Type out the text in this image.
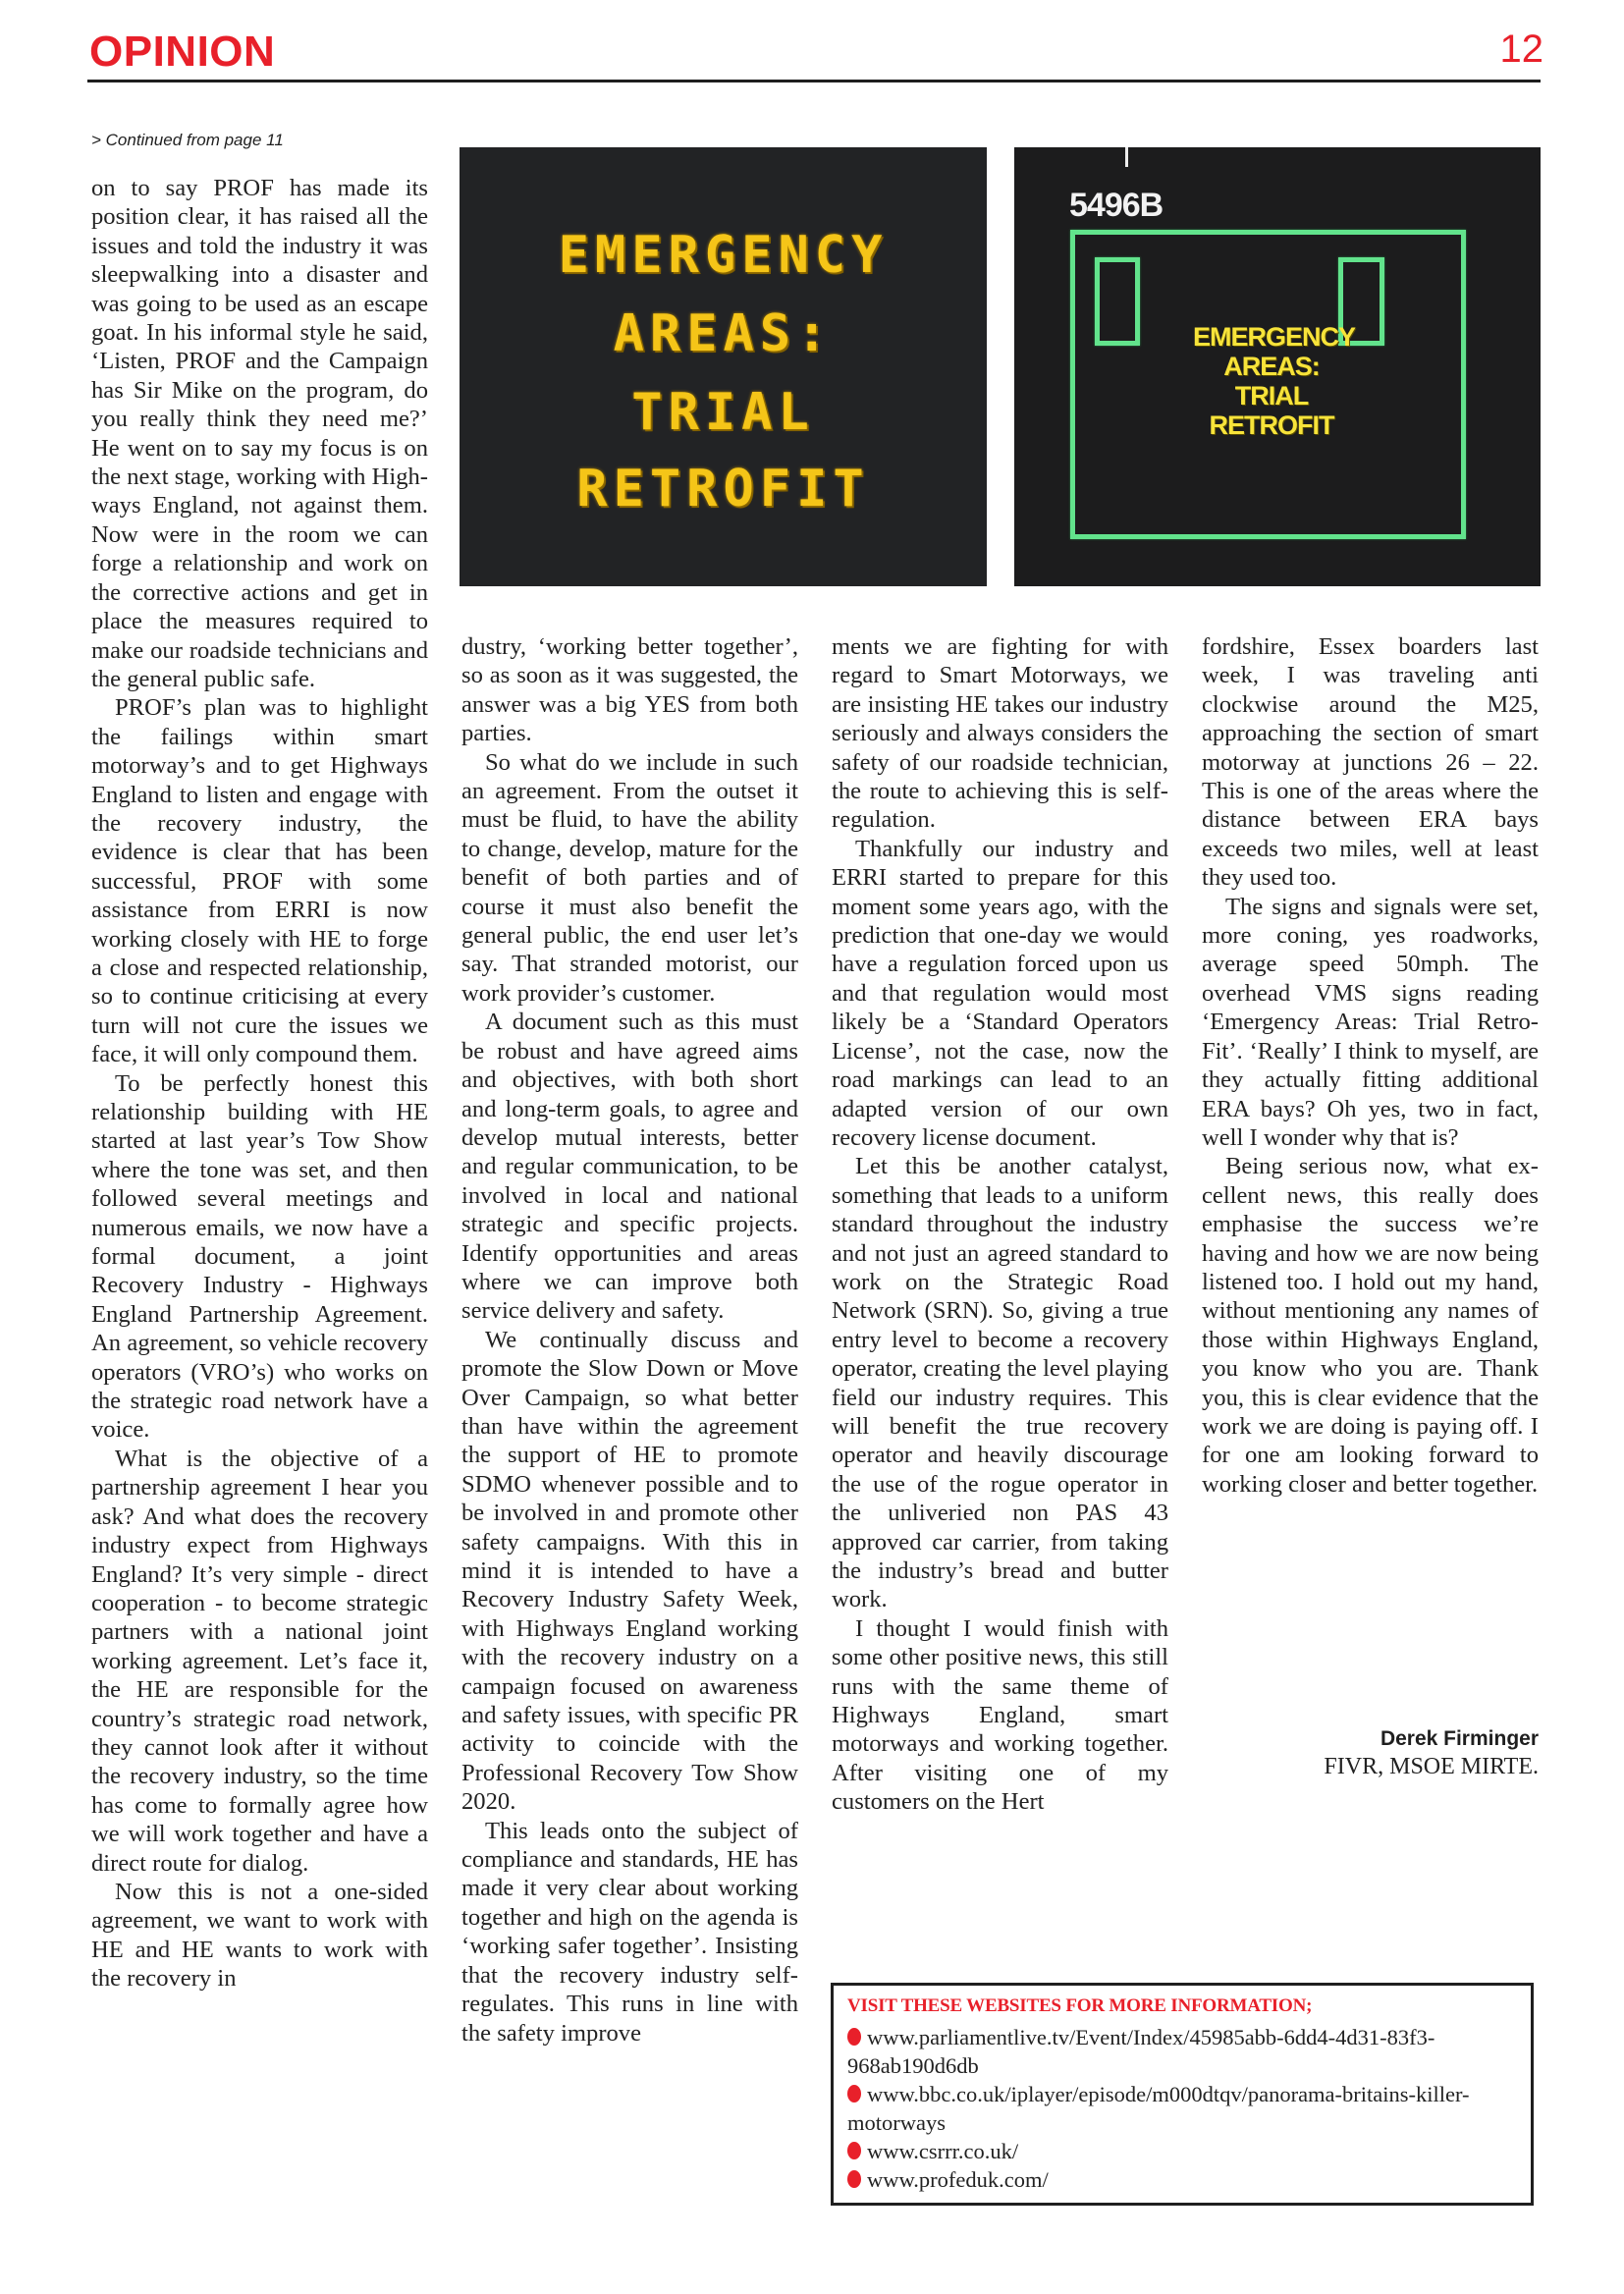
OPINION	12
> Continued from page 11
EMERGENCY
AREAS:
TRIAL
RETROFIT
5496B
EMERGENCY
AREAS:
TRIAL
RETROFIT

on to say PROF has made its position clear, it has raised all the issues and told the industry it was sleepwalking into a disaster and was going to be used as an escape goat. In his informal style he said, ‘Listen, PROF and the Campaign has Sir Mike on the program, do you really think they need me?’ He went on to say my focus is on the next stage, working with Highways England, not against them. Now were in the room we can forge a relationship and work on the corrective actions and get in place the measures required to make our roadside technicians and the general public safe.

PROF’s plan was to highlight the failings within smart motorway’s and to get Highways England to listen and engage with the recovery industry, the evidence is clear that has been successful, PROF with some assistance from ERRI is now working closely with HE to forge a close and respected relationship, so to continue criticising at every turn will not cure the issues we face, it will only compound them.

To be perfectly honest this relationship building with HE started at last year’s Tow Show where the tone was set, and then followed several meetings and numerous emails, we now have a formal document, a joint Recovery Industry - Highways England Partnership Agreement. An agreement, so vehicle recovery operators (VRO’s) who works on the strategic road network have a voice.

What is the objective of a partnership agreement I hear you ask? And what does the recovery industry expect from Highways England? It’s very simple - direct cooperation - to become strategic partners with a national joint working agreement. Let’s face it, the HE are responsible for the country’s strategic road network, they cannot look after it without the recovery industry, so the time has come to formally agree how we will work together and have a direct route for dialog.

Now this is not a one-sided agreement, we want to work with HE and HE wants to work with the recovery in

dustry, ‘working better together’, so as soon as it was suggested, the answer was a big YES from both parties.

So what do we include in such an agreement. From the outset it must be fluid, to have the ability to change, develop, mature for the benefit of both parties and of course it must also benefit the general public, the end user let’s say. That stranded motorist, our work provider’s customer.

A document such as this must be robust and have agreed aims and objectives, with both short and long-term goals, to agree and develop mutual interests, better and regular communication, to be involved in local and national strategic and specific projects. Identify opportunities and areas where we can improve both service delivery and safety.

We continually discuss and promote the Slow Down or Move Over Campaign, so what better than have within the agreement the support of HE to promote SDMO whenever possible and to be involved in and promote other safety campaigns. With this in mind it is intended to have a Recovery Industry Safety Week, with Highways England working with the recovery industry on a campaign focused on awareness and safety issues, with specific PR activity to coincide with the Professional Recovery Tow Show 2020.

This leads onto the subject of compliance and standards, HE has made it very clear about working together and high on the agenda is ‘working safer together’. Insisting that the recovery industry self-regulates. This runs in line with the safety improve

ments we are fighting for with regard to Smart Motorways, we are insisting HE takes our industry seriously and always considers the safety of our roadside technician, the route to achieving this is self-regulation.

Thankfully our industry and ERRI started to prepare for this moment some years ago, with the prediction that one-day we would have a regulation forced upon us and that regulation would most likely be a ‘Standard Operators License’, not the case, now the road markings can lead to an adapted version of our own recovery license document.

Let this be another catalyst, something that leads to a uniform standard throughout the industry and not just an agreed standard to work on the Strategic Road Network (SRN). So, giving a true entry level to become a recovery operator, creating the level playing field our industry requires. This will benefit the true recovery operator and heavily discourage the use of the rogue operator in the unliveried non PAS 43 approved car carrier, from taking the industry’s bread and butter work.

I thought I would finish with some other positive news, this still runs with the same theme of Highways England, smart motorways and working together. After visiting one of my customers on the Hert

fordshire, Essex boarders last week, I was traveling anti clockwise around the M25, approaching the section of smart motorway at junctions 26 – 22. This is one of the areas where the distance between ERA bays exceeds two miles, well at least they used too.

The signs and signals were set, more coning, yes roadworks, average speed 50mph. The overhead VMS signs reading ‘Emergency Areas: Trial Retro-Fit’. ‘Really’ I think to myself, are they actually fitting additional ERA bays? Oh yes, two in fact, well I wonder why that is?

Being serious now, what excellent news, this really does emphasise the success we’re having and how we are now being listened too. I hold out my hand, without mentioning any names of those within Highways England, you know who you are. Thank you, this is clear evidence that the work we are doing is paying off. I for one am looking forward to working closer and better together.

Derek Firminger
FIVR, MSOE MIRTE.
VISIT THESE WEBSITES FOR MORE INFORMATION;
www.parliamentlive.tv/Event/Index/45985abb-6dd4-4d31-83f3-968ab190d6db
www.bbc.co.uk/iplayer/episode/m000dtqv/panorama-britains-killer-motorways
www.csrrr.co.uk/
www.profeduk.com/
